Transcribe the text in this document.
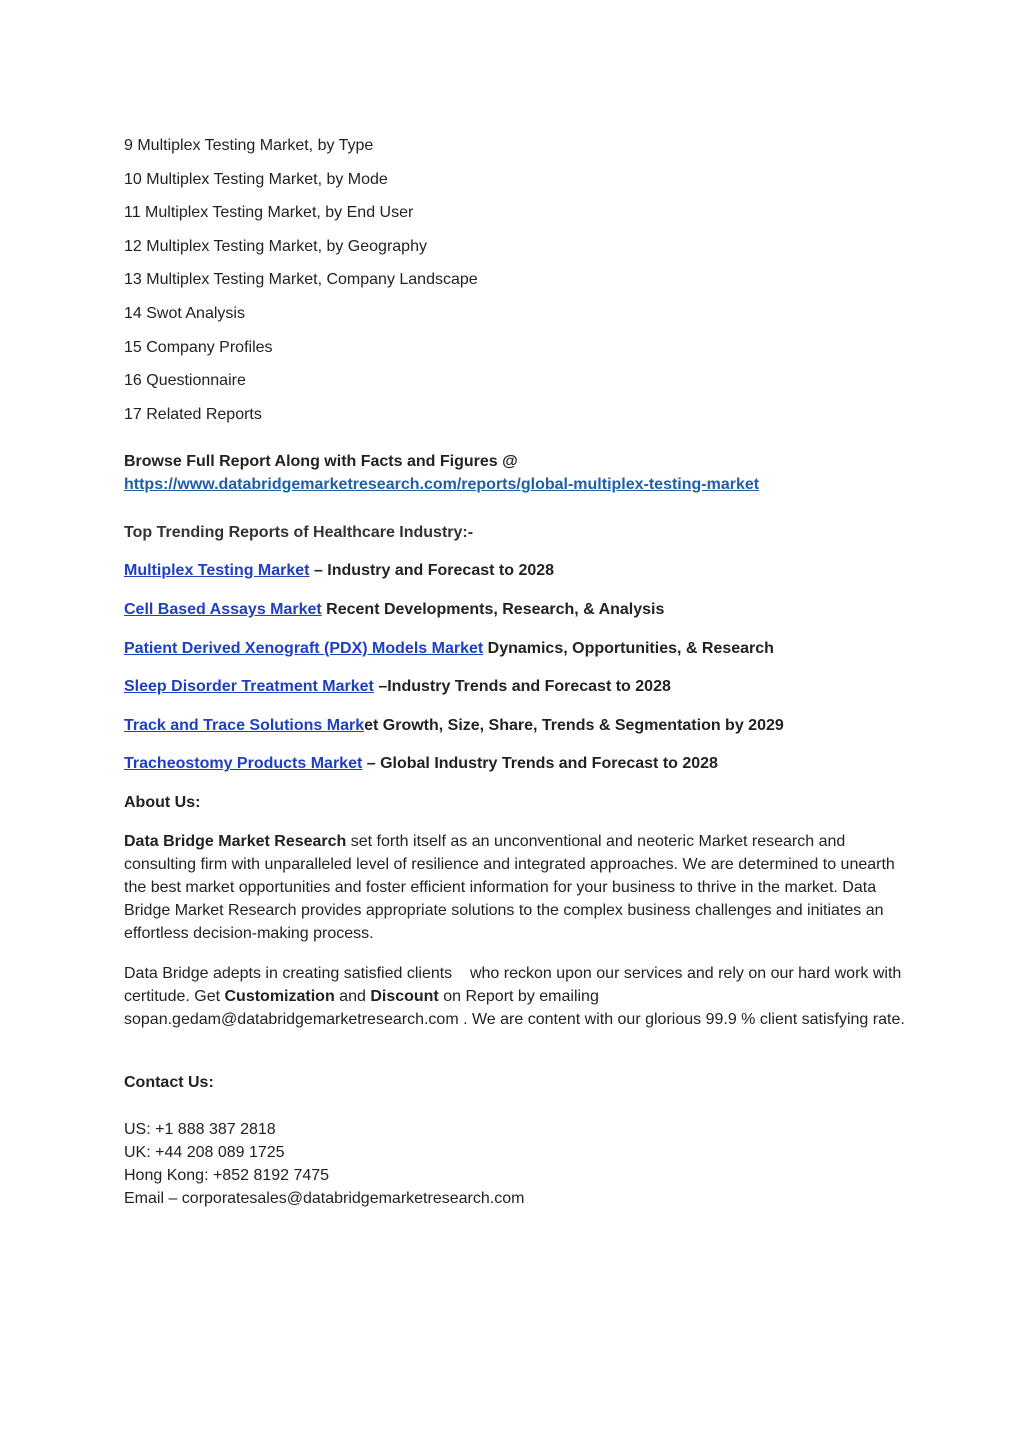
9 Multiplex Testing Market, by Type
10 Multiplex Testing Market, by Mode
11 Multiplex Testing Market, by End User
12 Multiplex Testing Market, by Geography
13 Multiplex Testing Market, Company Landscape
14 Swot Analysis
15 Company Profiles
16 Questionnaire
17 Related Reports
Browse Full Report Along with Facts and Figures @
https://www.databridgemarketresearch.com/reports/global-multiplex-testing-market
Top Trending Reports of Healthcare Industry:-
Multiplex Testing Market – Industry and Forecast to 2028
Cell Based Assays Market Recent Developments, Research, & Analysis
Patient Derived Xenograft (PDX) Models Market Dynamics, Opportunities, & Research
Sleep Disorder Treatment Market –Industry Trends and Forecast to 2028
Track and Trace Solutions Market Growth, Size, Share, Trends & Segmentation by 2029
Tracheostomy Products Market – Global Industry Trends and Forecast to 2028
About Us:

Data Bridge Market Research set forth itself as an unconventional and neoteric Market research and consulting firm with unparalleled level of resilience and integrated approaches. We are determined to unearth the best market opportunities and foster efficient information for your business to thrive in the market. Data Bridge Market Research provides appropriate solutions to the complex business challenges and initiates an effortless decision-making process.

Data Bridge adepts in creating satisfied clients    who reckon upon our services and rely on our hard work with certitude. Get Customization and Discount on Report by emailing sopan.gedam@databridgemarketresearch.com . We are content with our glorious 99.9 % client satisfying rate.

Contact Us:
US: +1 888 387 2818
UK: +44 208 089 1725
Hong Kong: +852 8192 7475
Email – corporatesales@databridgemarketresearch.com
